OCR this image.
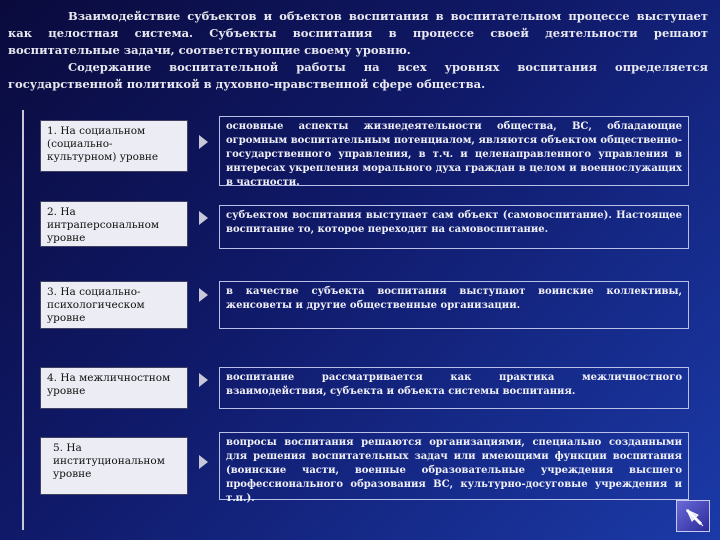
Взаимодействие субъектов и объектов воспитания в воспитательном процессе выступает как целостная система. Субъекты воспитания в процессе своей деятельности решают воспитательные задачи, соответствующие своему уровню.

Содержание воспитательной работы на всех уровнях воспитания определяется государственной политикой в духовно-нравственной сфере общества.

1. На социальном (социально-культурном) уровне
основные аспекты жизнедеятельности общества, ВС, обладающие огромным воспитательным потенциалом, являются объектом общественно-государственного управления, в т.ч. и целенаправленного управления в интересах укрепления морального духа граждан в целом и военнослужащих в частности.
2. На интраперсональном уровне
субъектом воспитания выступает сам объект (самовоспитание). Настоящее воспитание то, которое переходит на самовоспитание.
3. На социально-психологическом уровне
в качестве субъекта воспитания выступают воинские коллективы, женсоветы и другие общественные организации.
4. На межличностном уровне
воспитание рассматривается как практика межличностного взаимодействия, субъекта и объекта системы воспитания.
5. На институциональном уровне
вопросы воспитания решаются организациями, специально созданными для решения воспитательных задач или имеющими функции воспитания (воинские части, военные образовательные учреждения высшего профессионального образования ВС, культурно-досуговые учреждения и т.п.).
